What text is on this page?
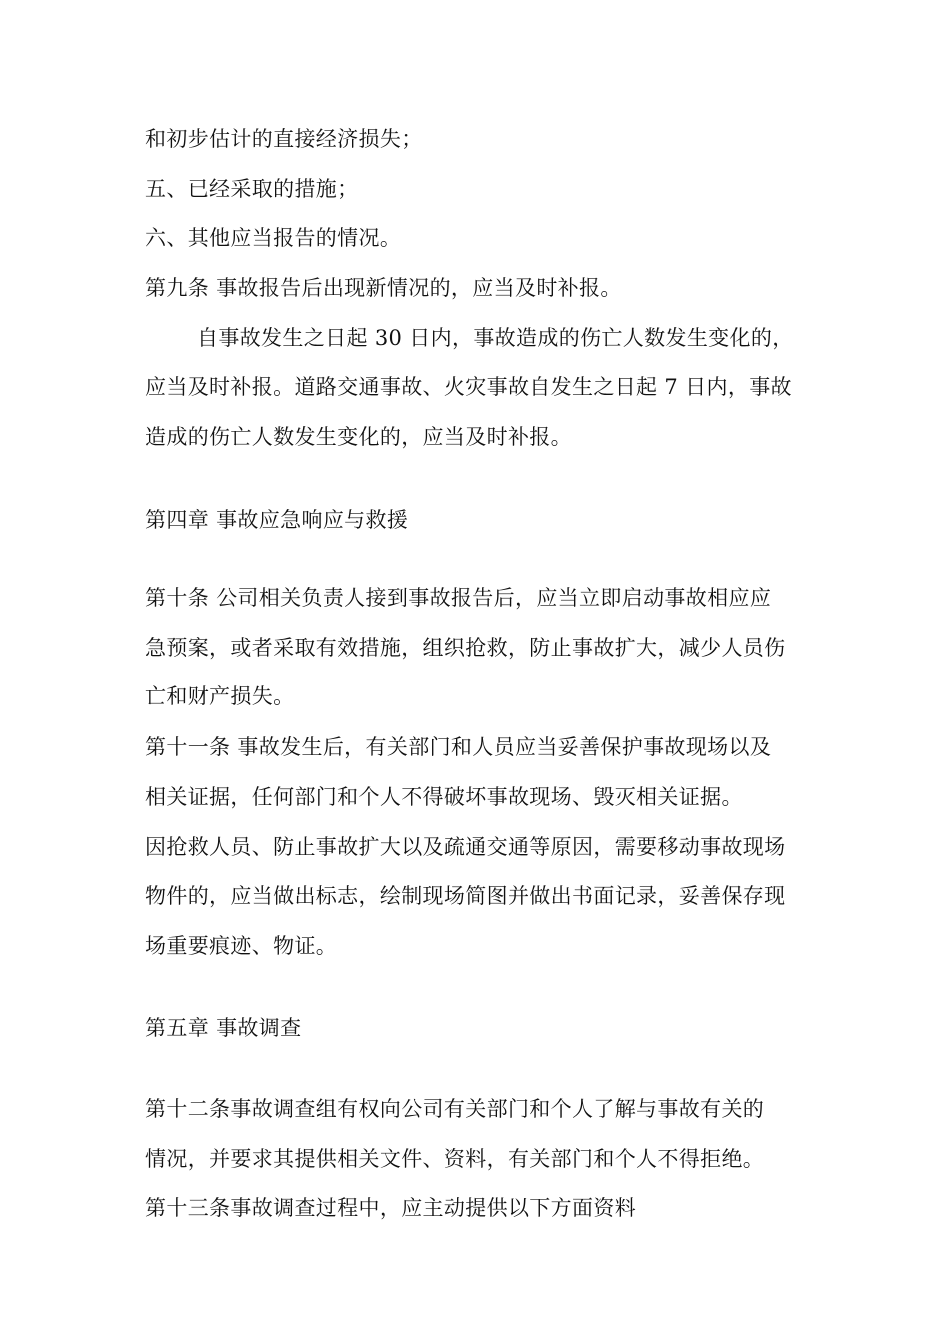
和初步估计的直接经济损失；
五、已经采取的措施；
六、其他应当报告的情况。
第九条 事故报告后出现新情况的，应当及时补报。
自事故发生之日起 30 日内，事故造成的伤亡人数发生变化的，
应当及时补报。道路交通事故、火灾事故自发生之日起 7 日内，事故
造成的伤亡人数发生变化的，应当及时补报。
第四章 事故应急响应与救援
第十条 公司相关负责人接到事故报告后，应当立即启动事故相应应
急预案，或者采取有效措施，组织抢救，防止事故扩大，减少人员伤
亡和财产损失。
第十一条 事故发生后，有关部门和人员应当妥善保护事故现场以及
相关证据，任何部门和个人不得破坏事故现场、毁灭相关证据。
因抢救人员、防止事故扩大以及疏通交通等原因，需要移动事故现场
物件的，应当做出标志，绘制现场简图并做出书面记录，妥善保存现
场重要痕迹、物证。
第五章 事故调查
第十二条事故调查组有权向公司有关部门和个人了解与事故有关的
情况，并要求其提供相关文件、资料，有关部门和个人不得拒绝。
第十三条事故调查过程中，应主动提供以下方面资料
